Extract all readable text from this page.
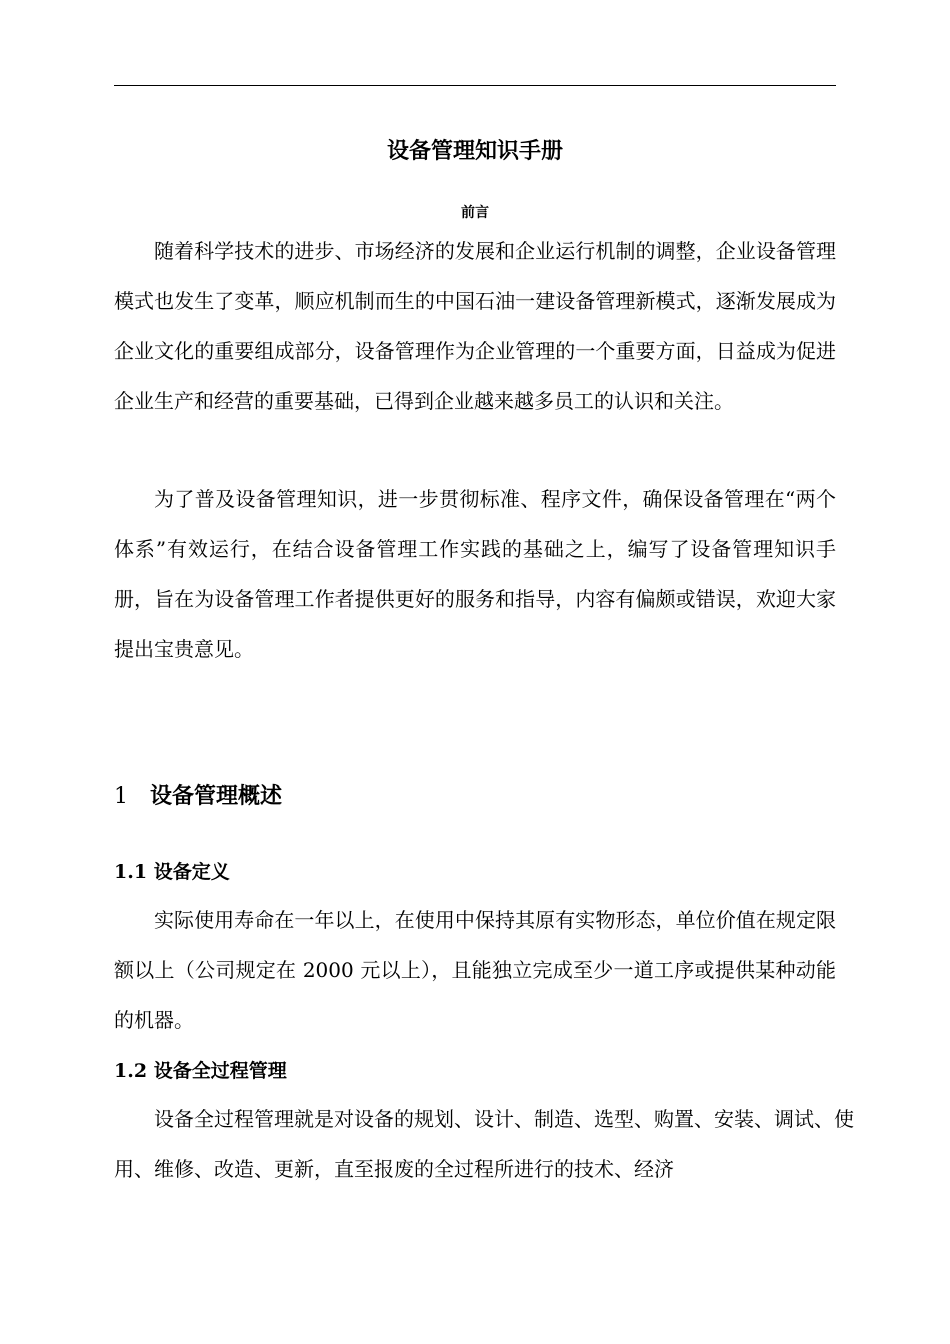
设备管理知识手册
前言

随着科学技术的进步、市场经济的发展和企业运行机制的调整，企业设备管理模式也发生了变革，顺应机制而生的中国石油一建设备管理新模式，逐渐发展成为企业文化的重要组成部分，设备管理作为企业管理的一个重要方面，日益成为促进企业生产和经营的重要基础，已得到企业越来越多员工的认识和关注。

为了普及设备管理知识，进一步贯彻标准、程序文件，确保设备管理在“两个体系”有效运行，在结合设备管理工作实践的基础之上，编写了设备管理知识手册，旨在为设备管理工作者提供更好的服务和指导，内容有偏颇或错误，欢迎大家提出宝贵意见。

1 设备管理概述
1.1 设备定义

实际使用寿命在一年以上，在使用中保持其原有实物形态，单位价值在规定限额以上（公司规定在 2000 元以上），且能独立完成至少一道工序或提供某种动能的机器。

1.2 设备全过程管理

设备全过程管理就是对设备的规划、设计、制造、选型、购置、安装、调试、使用、维修、改造、更新，直至报废的全过程所进行的技术、经济
